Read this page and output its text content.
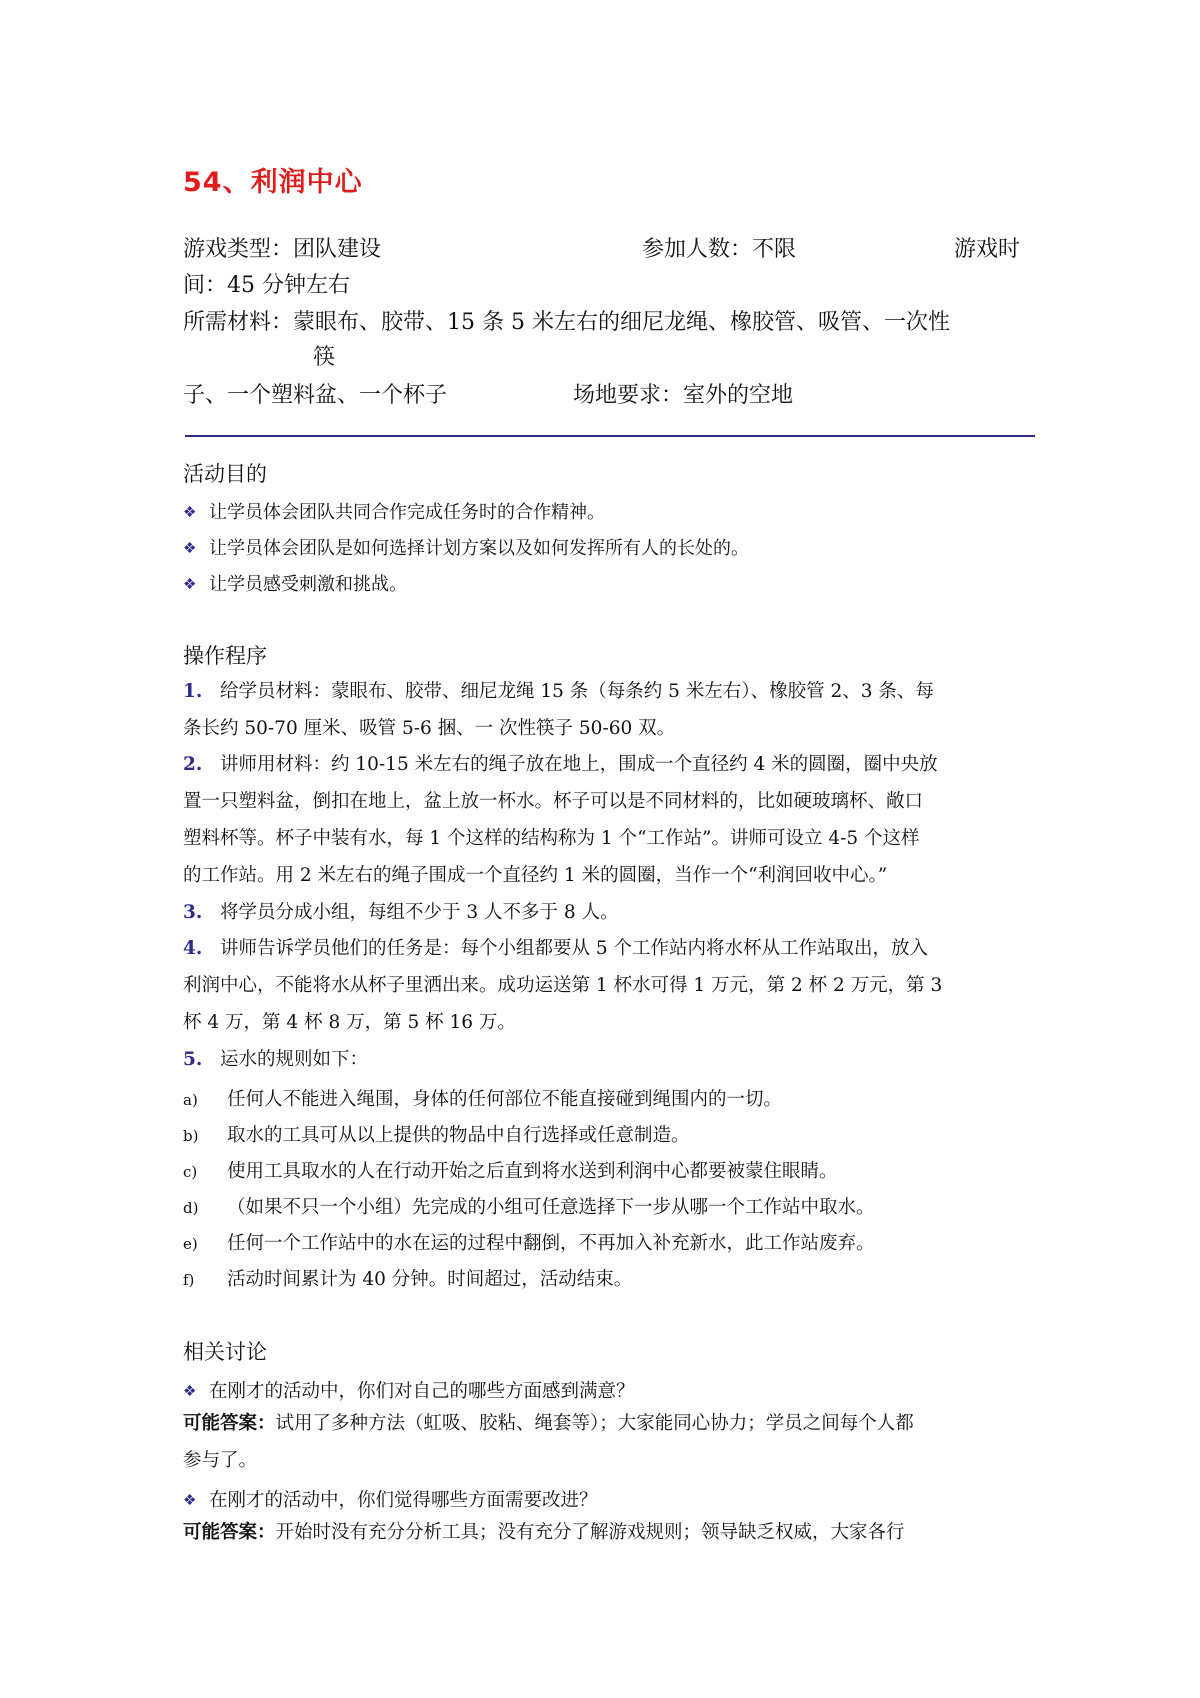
54、利润中心
游戏类型：团队建设	参加人数：不限	游戏时
间：45 分钟左右
所需材料：蒙眼布、胶带、15 条 5 米左右的细尼龙绳、橡胶管、吸管、一次性
筷
子、一个塑料盆、一个杯子	场地要求：室外的空地
活动目的
❖ 让学员体会团队共同合作完成任务时的合作精神。
❖ 让学员体会团队是如何选择计划方案以及如何发挥所有人的长处的。
❖ 让学员感受刺激和挑战。
操作程序
1. 给学员材料：蒙眼布、胶带、细尼龙绳 15 条（每条约 5 米左右）、橡胶管 2、3 条、每
条长约 50-70 厘米、吸管 5-6 捆、一 次性筷子 50-60 双。
2. 讲师用材料：约 10-15 米左右的绳子放在地上，围成一个直径约 4 米的圆圈，圈中央放
置一只塑料盆，倒扣在地上，盆上放一杯水。杯子可以是不同材料的，比如硬玻璃杯、敞口
塑料杯等。杯子中装有水，每 1 个这样的结构称为 1 个“工作站”。讲师可设立 4-5 个这样
的工作站。用 2 米左右的绳子围成一个直径约 1 米的圆圈，当作一个“利润回收中心。”
3. 将学员分成小组，每组不少于 3 人不多于 8 人。
4. 讲师告诉学员他们的任务是：每个小组都要从 5 个工作站内将水杯从工作站取出，放入
利润中心，不能将水从杯子里洒出来。成功运送第 1 杯水可得 1 万元，第 2 杯 2 万元，第 3
杯 4 万，第 4 杯 8 万，第 5 杯 16 万。
5. 运水的规则如下：
a) 任何人不能进入绳围，身体的任何部位不能直接碰到绳围内的一切。
b) 取水的工具可从以上提供的物品中自行选择或任意制造。
c) 使用工具取水的人在行动开始之后直到将水送到利润中心都要被蒙住眼睛。
d) （如果不只一个小组）先完成的小组可任意选择下一步从哪一个工作站中取水。
e) 任何一个工作站中的水在运的过程中翻倒，不再加入补充新水，此工作站废弃。
f) 活动时间累计为 40 分钟。时间超过，活动结束。
相关讨论
❖ 在刚才的活动中，你们对自己的哪些方面感到满意？
可能答案：试用了多种方法（虹吸、胶粘、绳套等）；大家能同心协力；学员之间每个人都
参与了。
❖ 在刚才的活动中，你们觉得哪些方面需要改进？
可能答案：开始时没有充分分析工具；没有充分了解游戏规则；领导缺乏权威，大家各行
